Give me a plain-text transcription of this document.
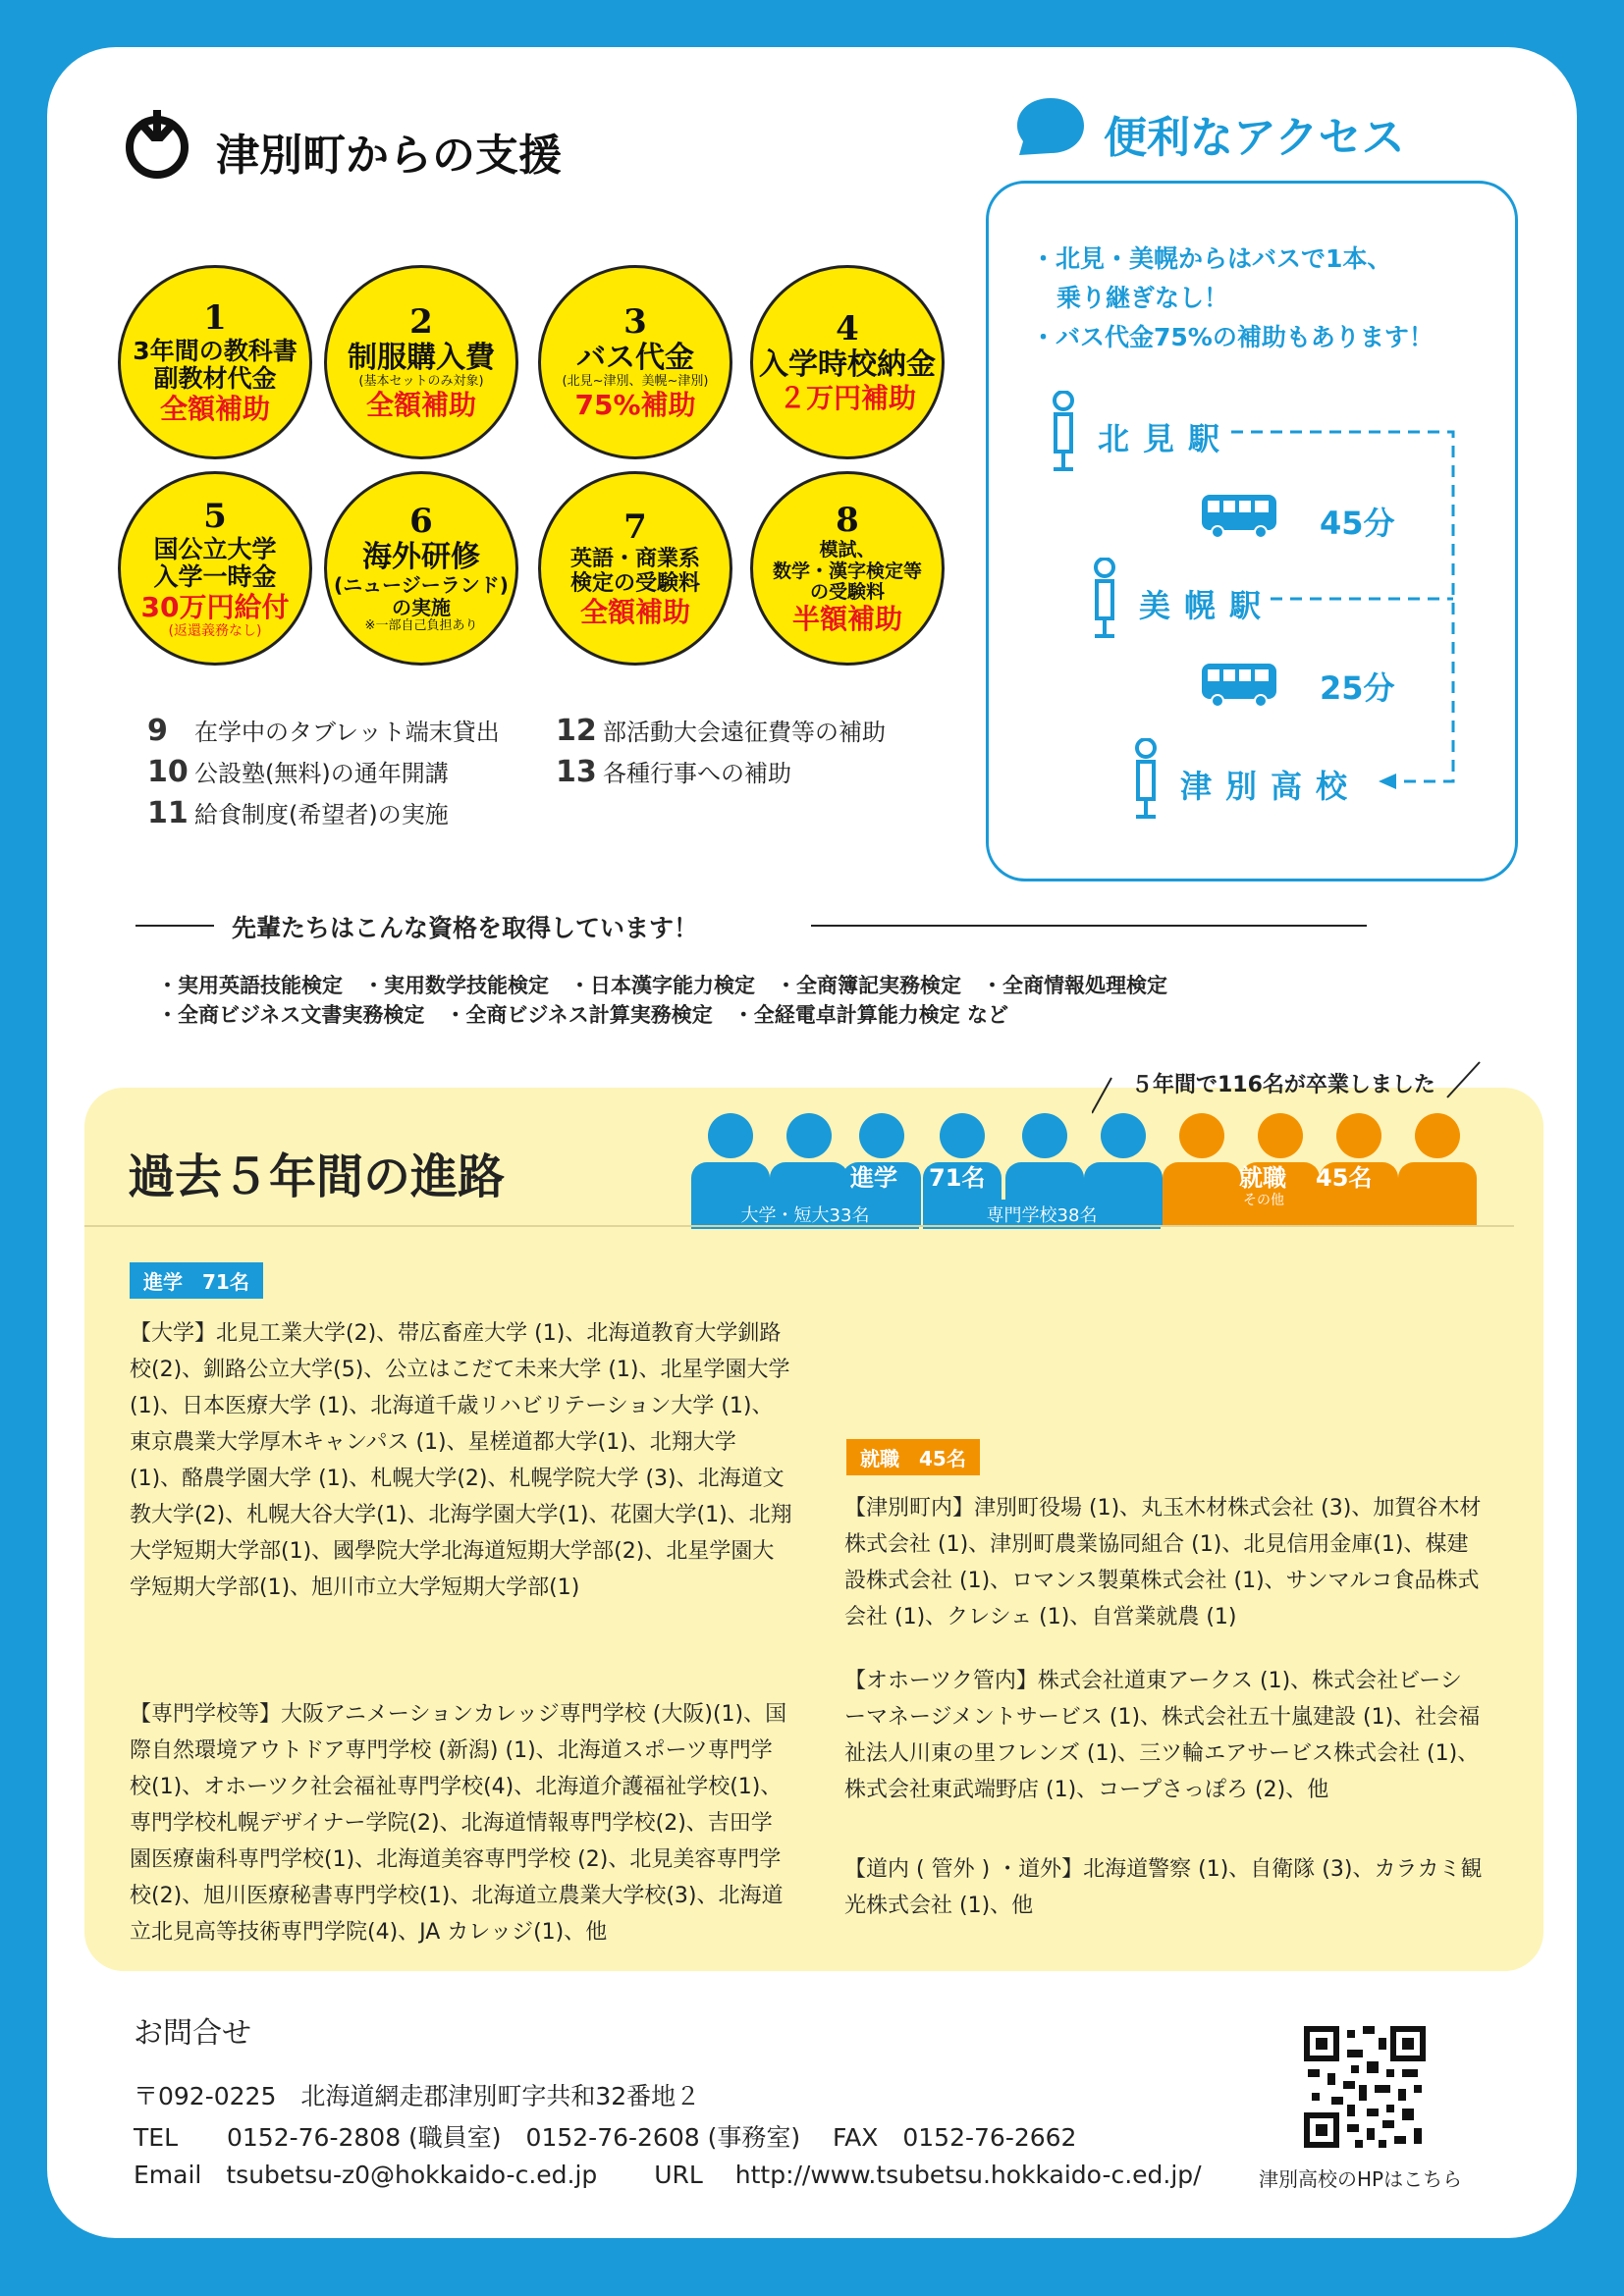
津別町からの支援
1
3年間の教科書
副教材代金
全額補助
2
制服購入費
(基本セットのみ対象)
全額補助
3
バス代金
(北見~津別、美幌~津別)
75%補助
4
入学時校納金
２万円補助
5
国公立大学
入学一時金
30万円給付
(返還義務なし)
6
海外研修
(ニュージーランド)
の実施
※一部自己負担あり
7
英語・商業系
検定の受験料
全額補助
8
模試、
数学・漢字検定等
の受験料
半額補助
9 在学中のタブレット端末貸出
10 公設塾(無料)の通年開講
11 給食制度(希望者)の実施
12 部活動大会遠征費等の補助
13 各種行事への補助
便利なアクセス
・北見・美幌からはバスで1本、
乗り継ぎなし！
・バス代金75%の補助もあります！
北見駅
45分
美幌駅
25分
津別高校
先輩たちはこんな資格を取得しています！
・実用英語技能検定　・実用数学技能検定　・日本漢字能力検定　・全商簿記実務検定　・全商情報処理検定
・全商ビジネス文書実務検定　・全商ビジネス計算実務検定　・全経電卓計算能力検定 など
５年間で116名が卒業しました
過去５年間の進路
大学・短大33名	専門学校38名
進学 71名	就職
その他
45名
進学　71名
【大学】北見工業大学(2)、帯広畜産大学 (1)、北海道教育大学釧路校(2)、釧路公立大学(5)、公立はこだて未来大学 (1)、北星学園大学 (1)、日本医療大学 (1)、北海道千歳リハビリテーション大学 (1)、東京農業大学厚木キャンパス (1)、星槎道都大学(1)、北翔大学 (1)、酪農学園大学 (1)、札幌大学(2)、札幌学院大学 (3)、北海道文教大学(2)、札幌大谷大学(1)、北海学園大学(1)、花園大学(1)、北翔大学短期大学部(1)、國學院大学北海道短期大学部(2)、北星学園大学短期大学部(1)、旭川市立大学短期大学部(1)
【専門学校等】大阪アニメーションカレッジ専門学校 (大阪)(1)、国際自然環境アウトドア専門学校 (新潟) (1)、北海道スポーツ専門学校(1)、オホーツク社会福祉専門学校(4)、北海道介護福祉学校(1)、専門学校札幌デザイナー学院(2)、北海道情報専門学校(2)、吉田学園医療歯科専門学校(1)、北海道美容専門学校 (2)、北見美容専門学校(2)、旭川医療秘書専門学校(1)、北海道立農業大学校(3)、北海道立北見高等技術専門学院(4)、JA カレッジ(1)、他
就職　45名
【津別町内】津別町役場 (1)、丸玉木材株式会社 (3)、加賀谷木材株式会社 (1)、津別町農業協同組合 (1)、北見信用金庫(1)、楳建設株式会社 (1)、ロマンス製菓株式会社 (1)、サンマルコ食品株式会社 (1)、クレシェ (1)、自営業就農 (1)
【オホーツク管内】株式会社道東アークス (1)、株式会社ビーシーマネージメントサービス (1)、株式会社五十嵐建設 (1)、社会福祉法人川東の里フレンズ (1)、三ツ輪エアサービス株式会社 (1)、株式会社東武端野店 (1)、コープさっぽろ (2)、他
【道内 ( 管外 ) ・道外】北海道警察 (1)、自衛隊 (3)、カラカミ観光株式会社 (1)、他
お問合せ
〒092-0225　北海道網走郡津別町字共和32番地２
TEL　　0152-76-2808 (職員室)　0152-76-2608 (事務室)　 FAX　0152-76-2662
Email　tsubetsu-z0@hokkaido-c.ed.jp　　 URL　 http://www.tsubetsu.hokkaido-c.ed.jp/	津別高校のHPはこちら
